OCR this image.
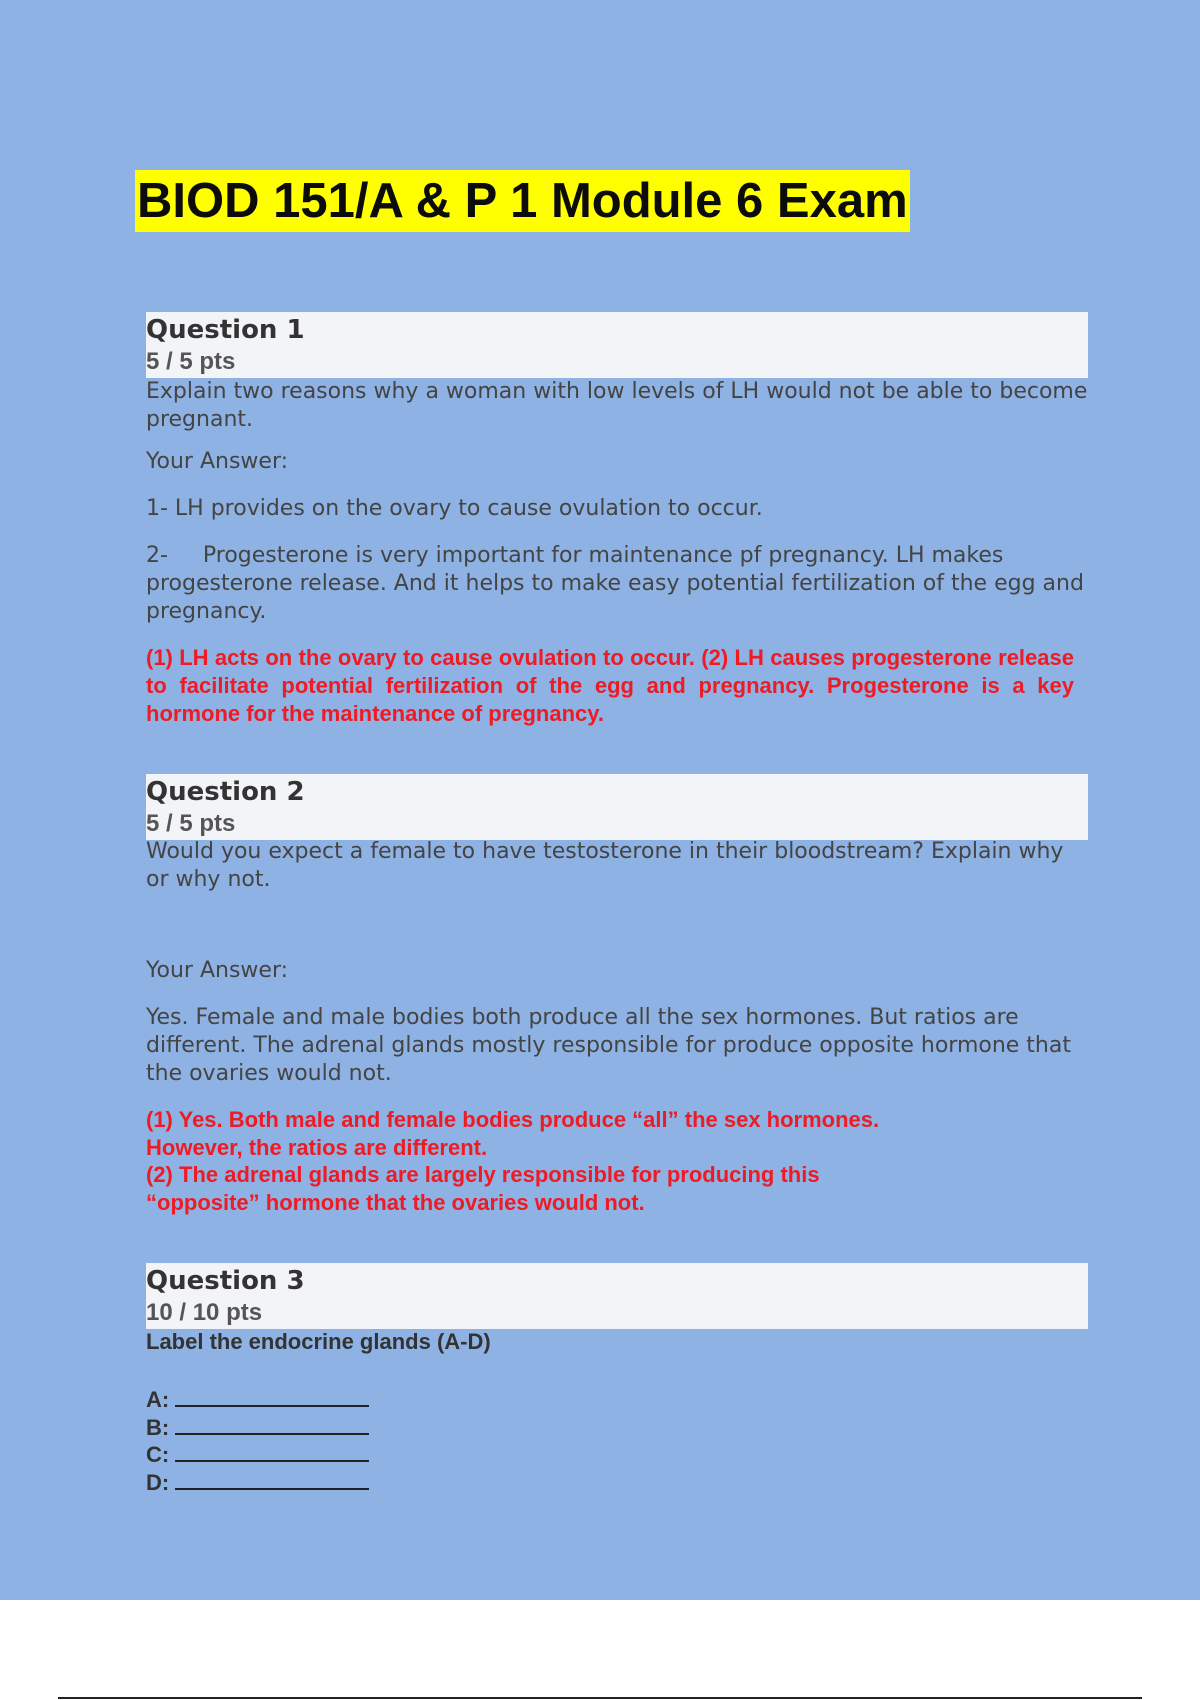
BIOD 151/A & P 1 Module 6 Exam
Question 1
5 / 5 pts
Explain two reasons why a woman with low levels of LH would not be able to become pregnant.
Your Answer:
1- LH provides on the ovary to cause ovulation to occur.
2-     Progesterone is very important for maintenance pf pregnancy. LH makes progesterone release. And it helps to make easy potential fertilization of the egg and pregnancy.
(1) LH acts on the ovary to cause ovulation to occur. (2) LH causes progesterone release to facilitate potential fertilization of the egg and pregnancy. Progesterone is a key hormone for the maintenance of pregnancy.
Question 2
5 / 5 pts
Would you expect a female to have testosterone in their bloodstream? Explain why or why not.
Your Answer:
Yes. Female and male bodies both produce all the sex hormones. But ratios are different. The adrenal glands mostly responsible for produce opposite hormone that the ovaries would not.
(1) Yes. Both male and female bodies produce “all” the sex hormones.
However, the ratios are different.
(2) The adrenal glands are largely responsible for producing this
“opposite” hormone that the ovaries would not.
Question 3
10 / 10 pts
Label the endocrine glands (A-D)
A:
B:
C:
D:
